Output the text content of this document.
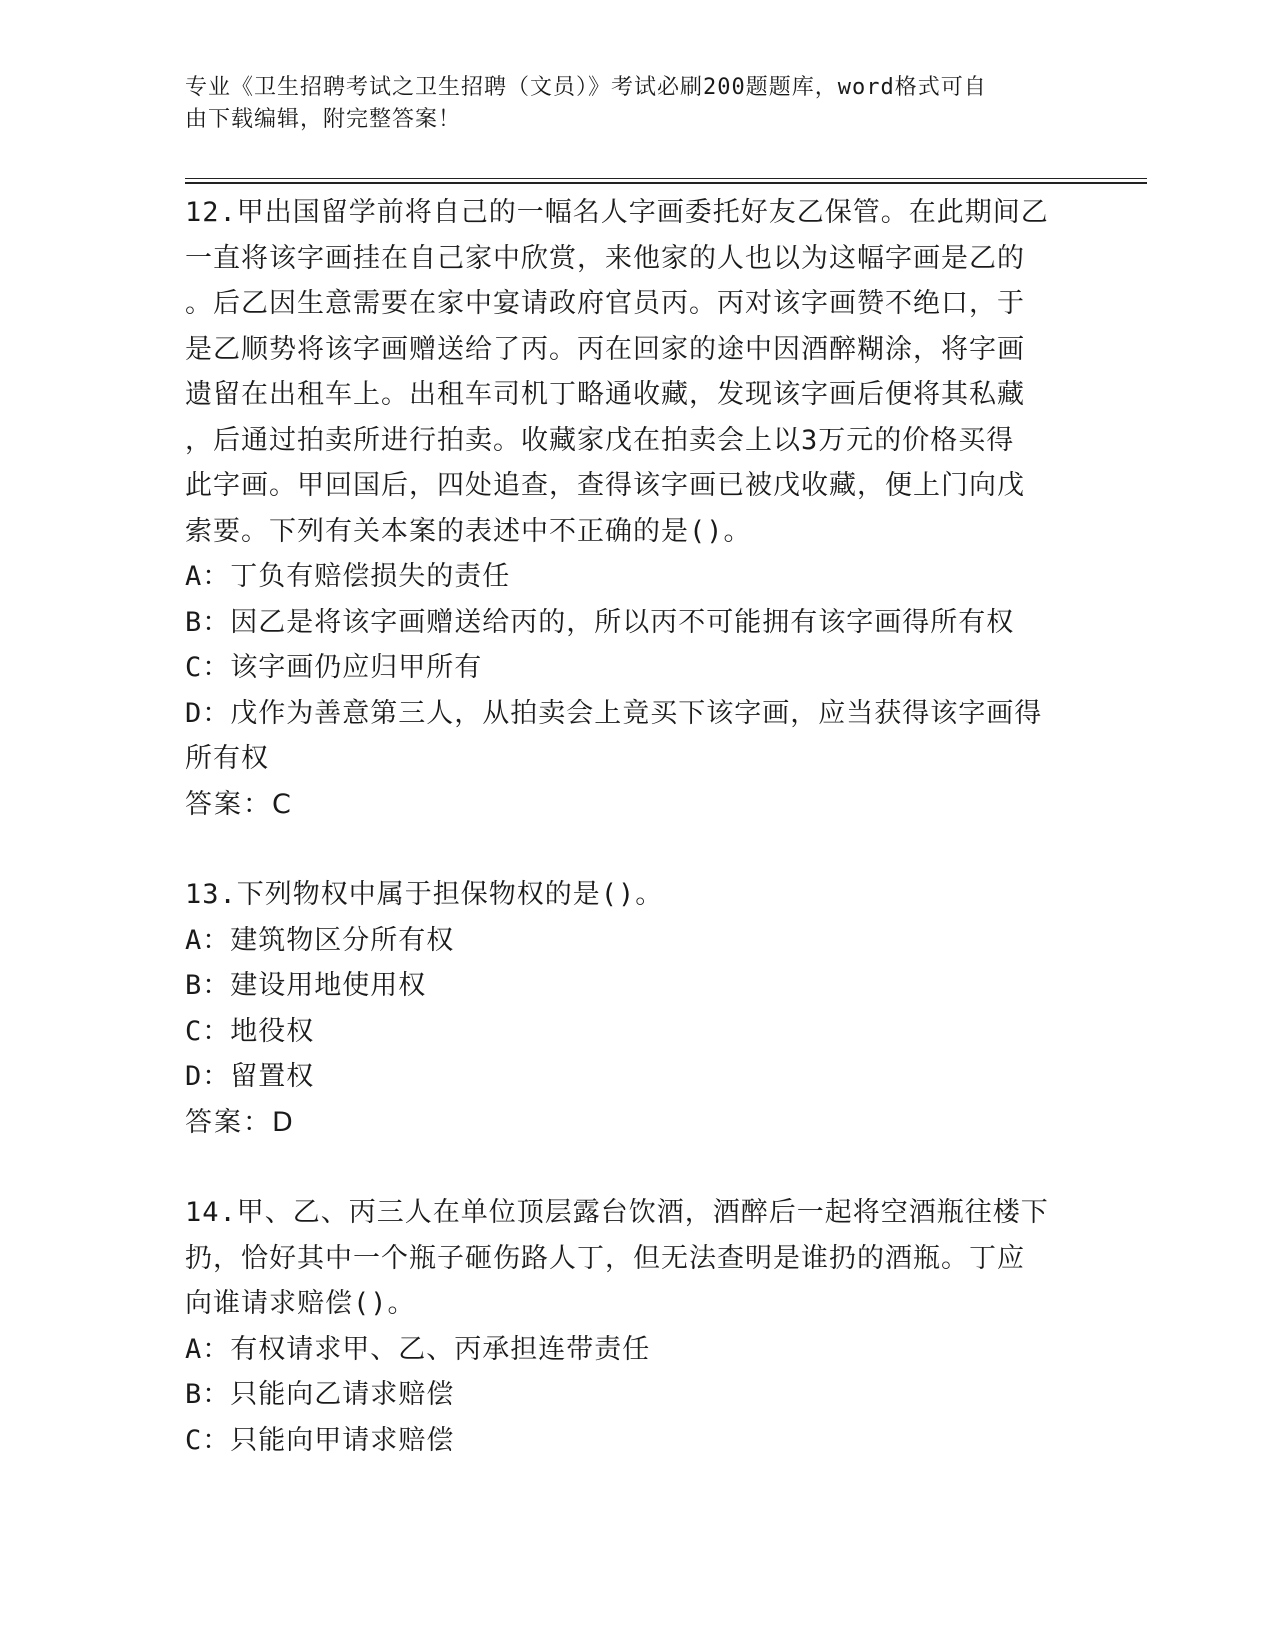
专业《卫生招聘考试之卫生招聘（文员）》考试必刷200题题库，word格式可自

由下载编辑，附完整答案！

12.甲出国留学前将自己的一幅名人字画委托好友乙保管。在此期间乙

一直将该字画挂在自己家中欣赏，来他家的人也以为这幅字画是乙的

。后乙因生意需要在家中宴请政府官员丙。丙对该字画赞不绝口，于

是乙顺势将该字画赠送给了丙。丙在回家的途中因酒醉糊涂，将字画

遗留在出租车上。出租车司机丁略通收藏，发现该字画后便将其私藏

，后通过拍卖所进行拍卖。收藏家戊在拍卖会上以3万元的价格买得

此字画。甲回国后，四处追查，查得该字画已被戊收藏，便上门向戊

索要。下列有关本案的表述中不正确的是()。

A：丁负有赔偿损失的责任

B：因乙是将该字画赠送给丙的，所以丙不可能拥有该字画得所有权

C：该字画仍应归甲所有

D：戊作为善意第三人，从拍卖会上竟买下该字画，应当获得该字画得

所有权

答案：C

13.下列物权中属于担保物权的是()。

A：建筑物区分所有权

B：建设用地使用权

C：地役权

D：留置权

答案：D

14.甲、乙、丙三人在单位顶层露台饮酒，酒醉后一起将空酒瓶往楼下

扔，恰好其中一个瓶子砸伤路人丁，但无法查明是谁扔的酒瓶。丁应

向谁请求赔偿()。

A：有权请求甲、乙、丙承担连带责任

B：只能向乙请求赔偿

C：只能向甲请求赔偿
